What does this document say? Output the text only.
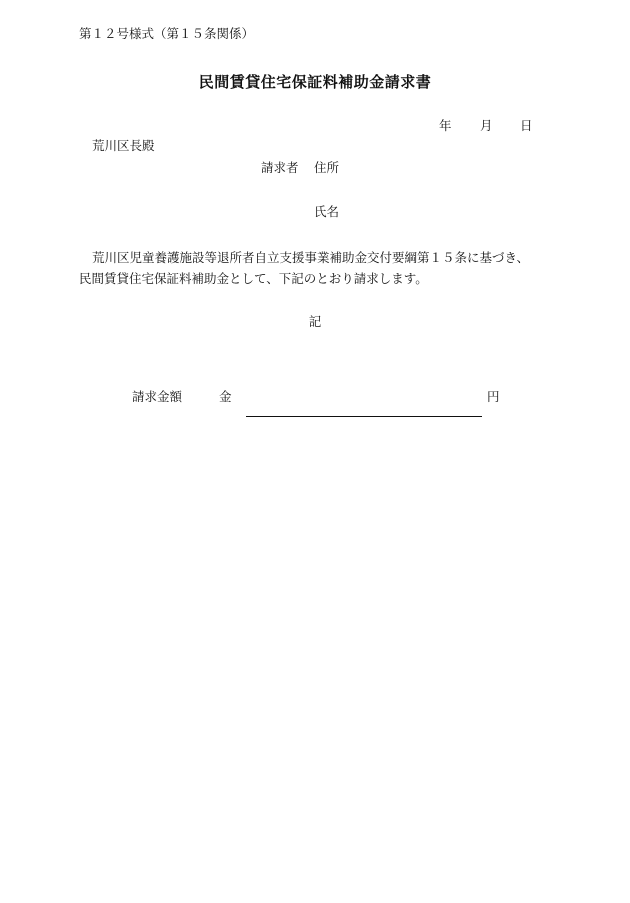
第１２号様式（第１５条関係）
民間賃貸住宅保証料補助金請求書
年 月 日
荒川区長殿
請求者 住所
氏名
荒川区児童養護施設等退所者自立支援事業補助金交付要綱第１５条に基づき、
民間賃貸住宅保証料補助金として、下記のとおり請求します。
記
請求金額	金	円
